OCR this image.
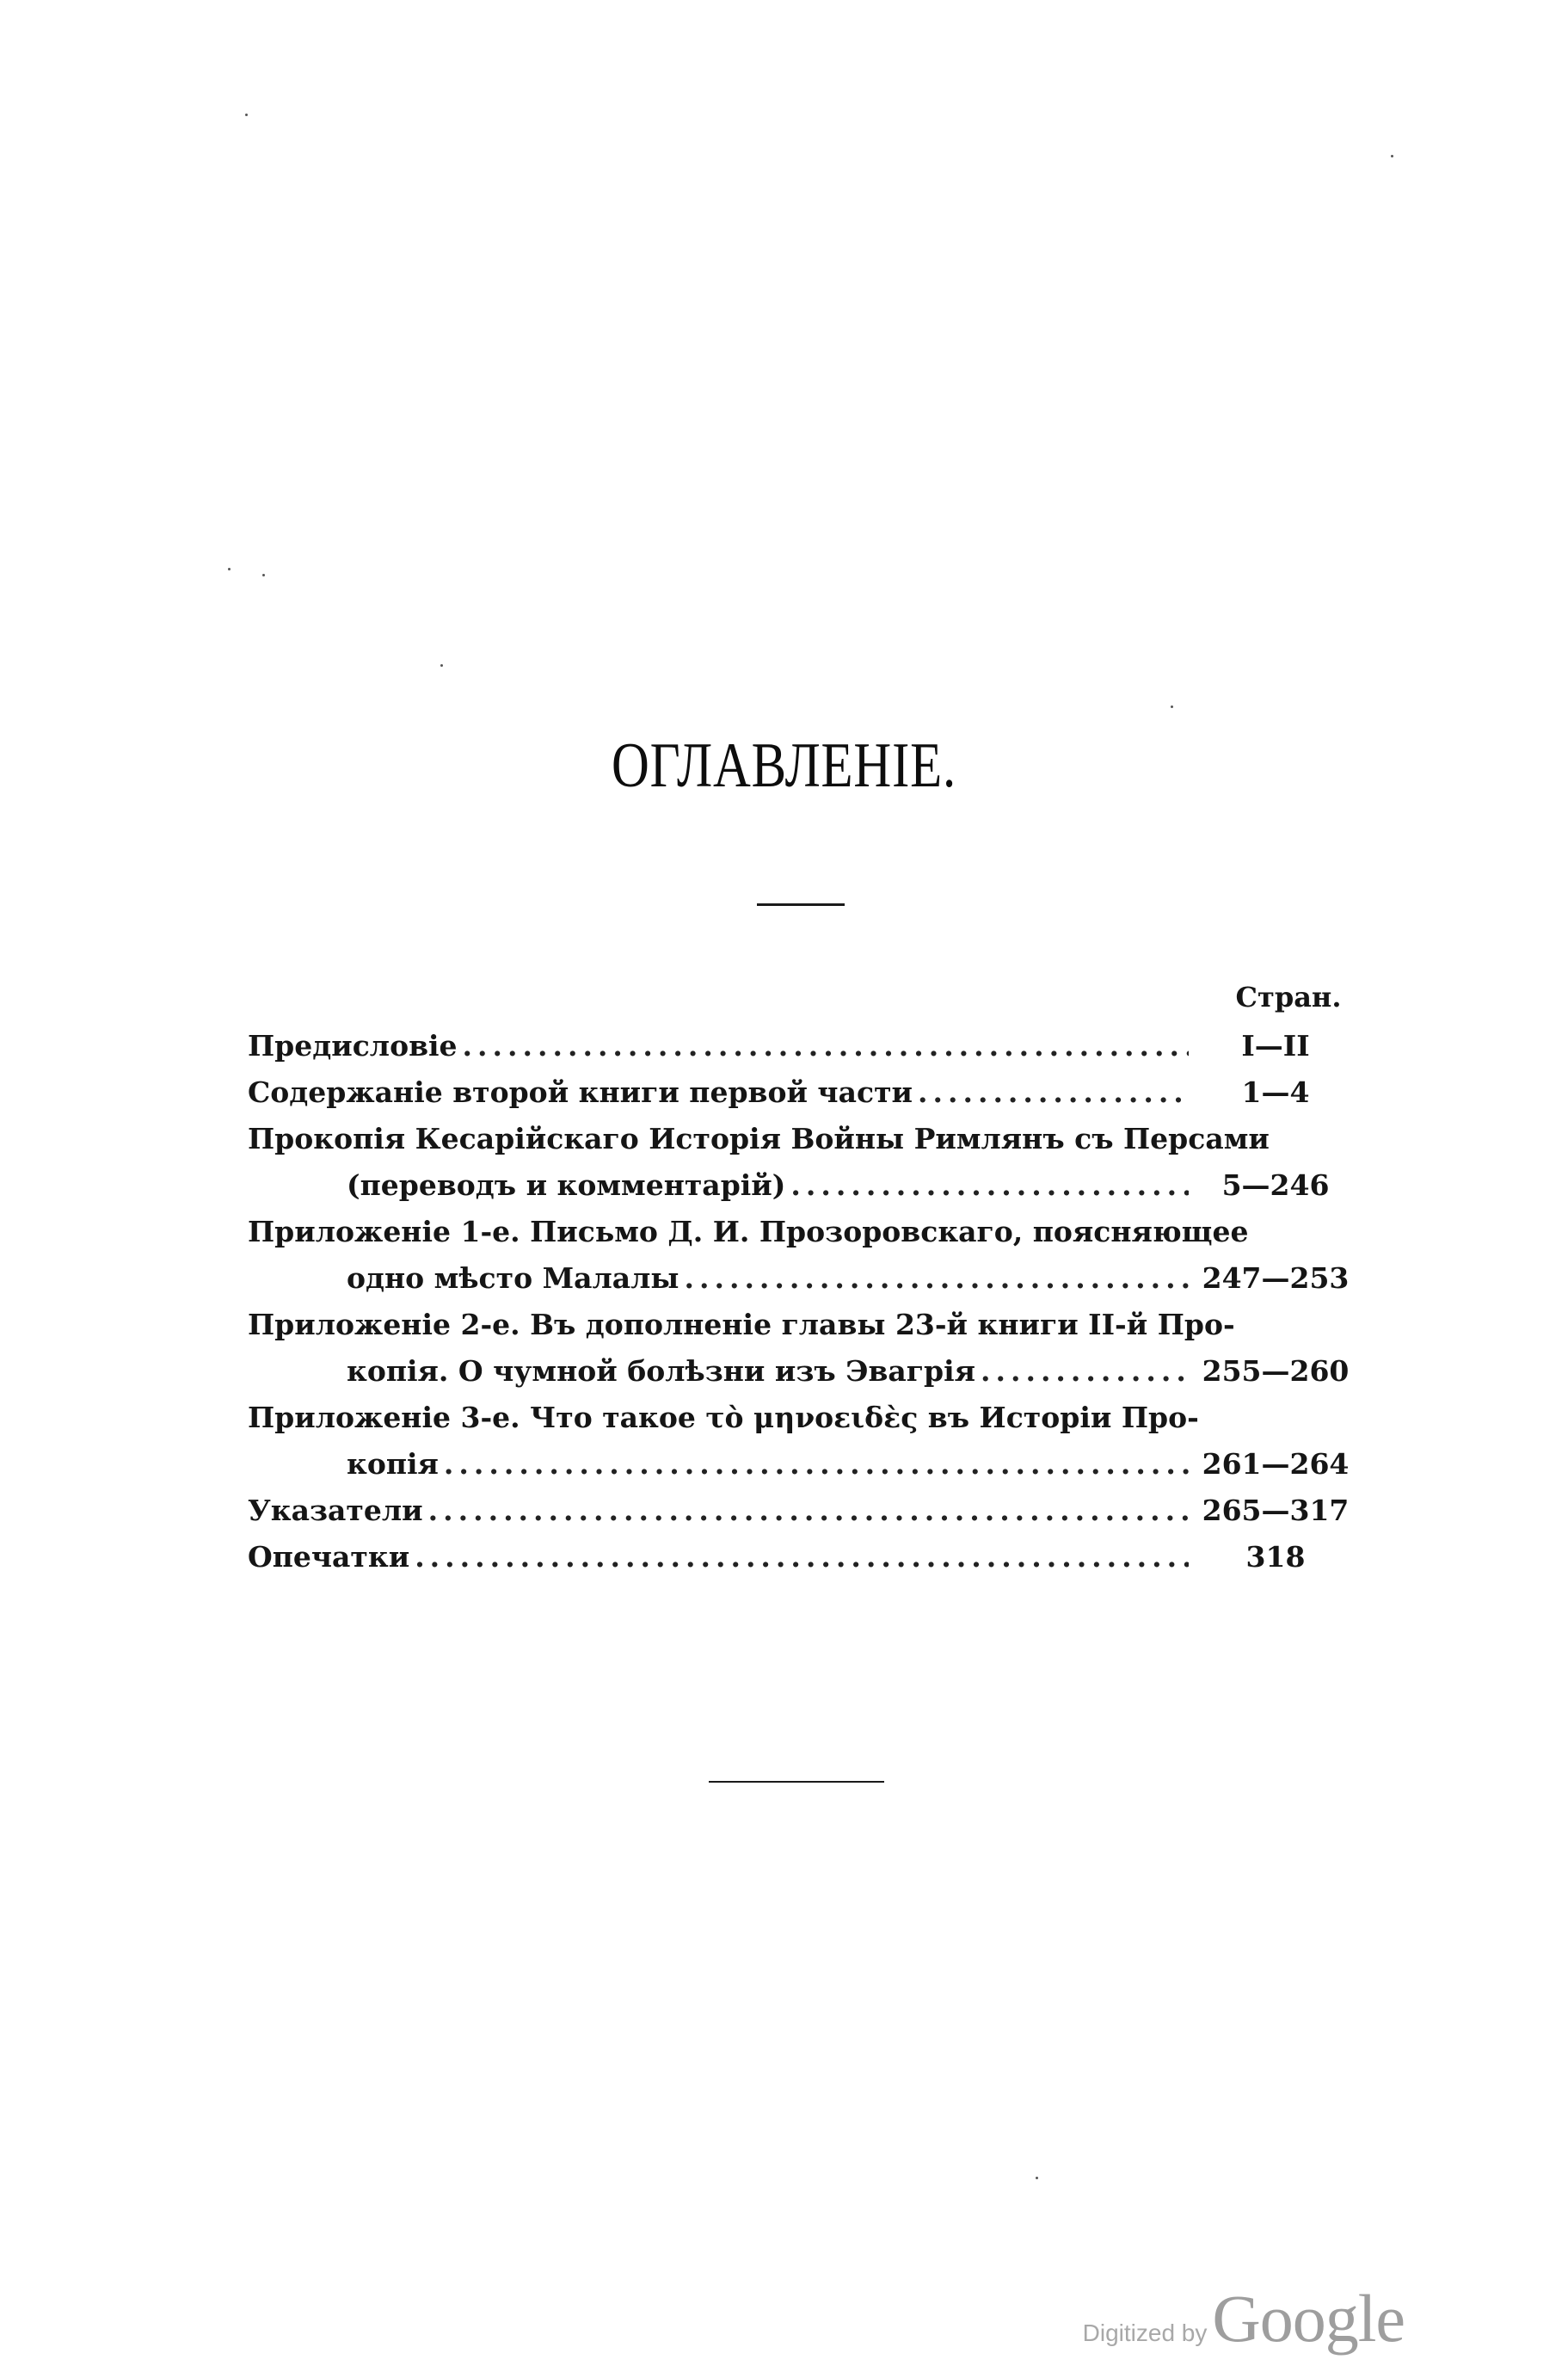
ОГЛАВЛЕНІЕ.
Стран.
Предисловіе .....	I—II
Содержаніе второй книги первой части .....	1—4
Прокопія Кесарійскаго Исторія Войны Римлянъ съ Персами
(переводъ и комментарій) .....	5—246
Приложеніе 1-е. Письмо Д. И. Прозоровскаго, поясняющее
одно мѣсто Малалы .....	247—253
Приложеніе 2-е. Въ дополненіе главы 23-й книги II-й Про-
копія. О чумной болѣзни изъ Эвагрія .....	255—260
Приложеніе 3-е. Что такое τὸ μηνοειδὲς въ Исторіи Про-
копія .....	261—264
Указатели .....	265—317
Опечатки .....	318
Digitized by Google
